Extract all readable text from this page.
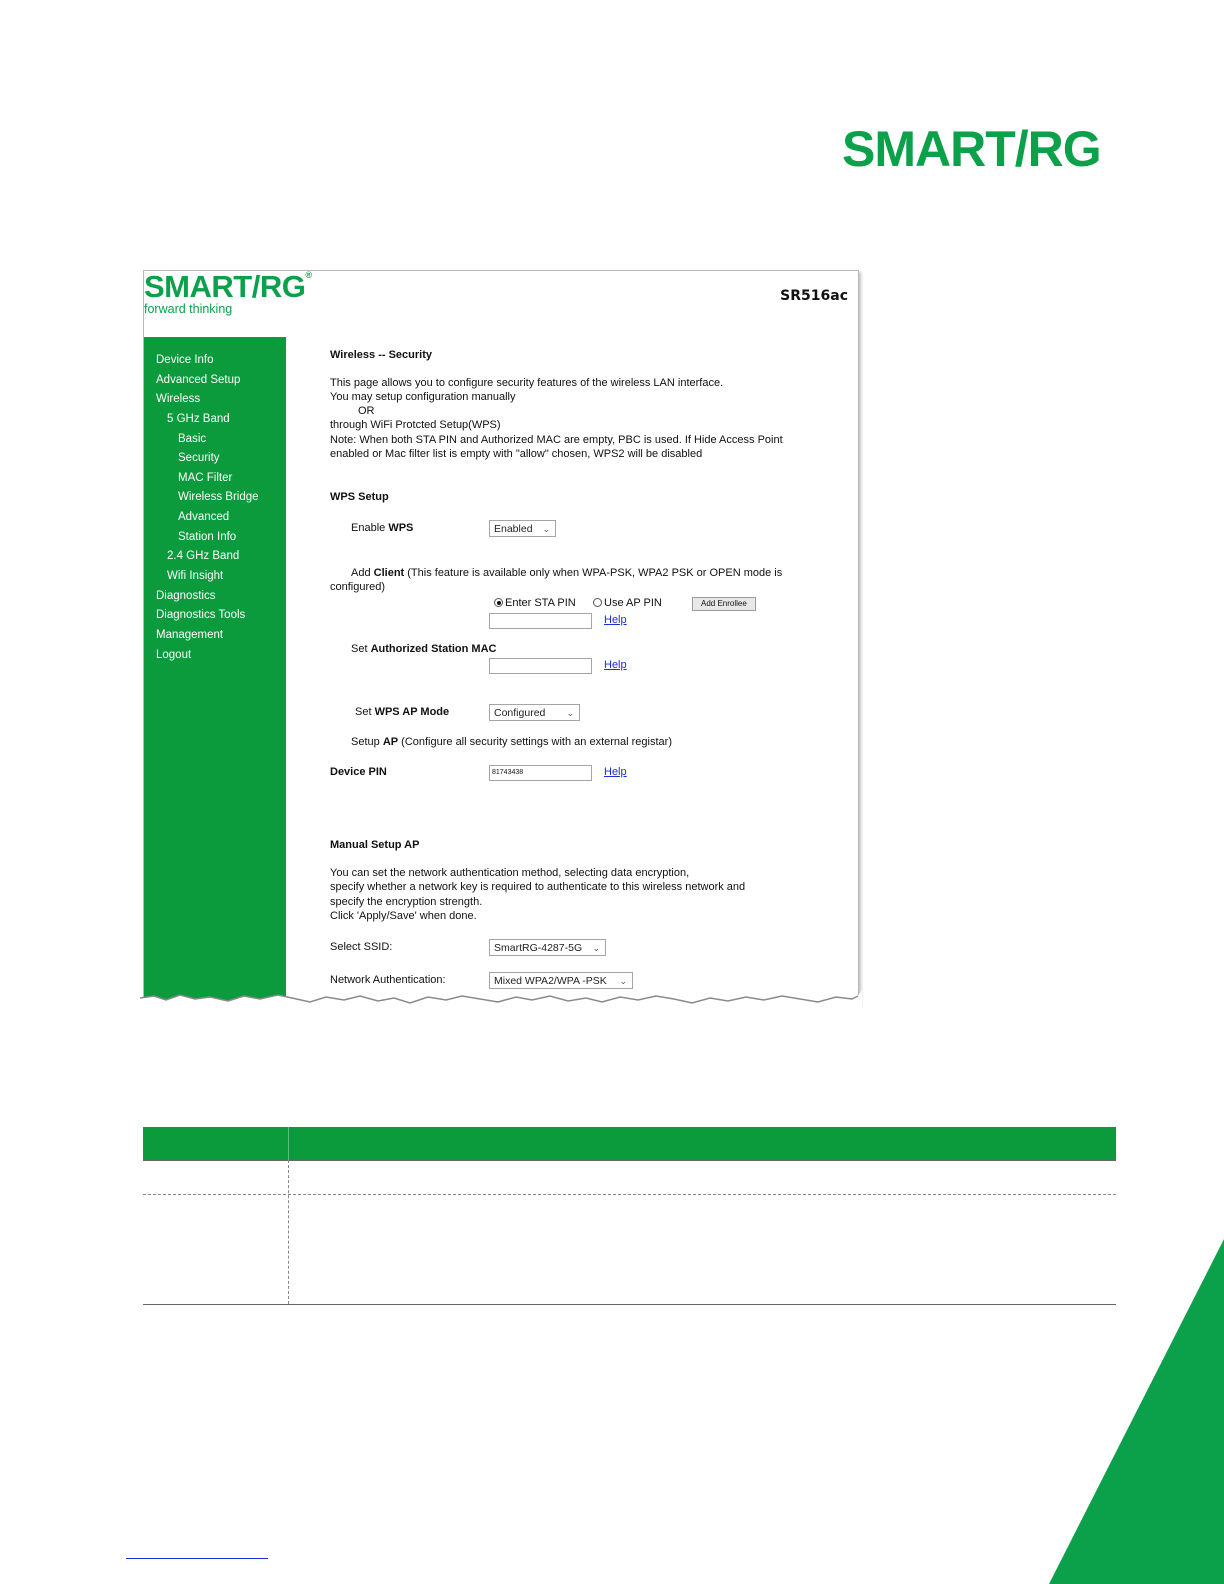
SMART/RG
SMART/RG®
forward thinking
SR516ac
Device Info
Advanced Setup
Wireless
5 GHz Band
Basic
Security
MAC Filter
Wireless Bridge
Advanced
Station Info
2.4 GHz Band
Wifi Insight
Diagnostics
Diagnostics Tools
Management
Logout
Wireless -- Security
This page allows you to configure security features of the wireless LAN interface.
You may setup configuration manually
OR
through WiFi Protcted Setup(WPS)
Note: When both STA PIN and Authorized MAC are empty, PBC is used. If Hide Access Point
enabled or Mac filter list is empty with "allow" chosen, WPS2 will be disabled
WPS Setup
Enable WPS	Enabled ⌄
Add Client (This feature is available only when WPA-PSK, WPA2 PSK or OPEN mode is
configured)
Enter STA PIN	Use AP PIN	Add Enrollee
Help
Set Authorized Station MAC
Help
Set WPS AP Mode	Configured ⌄
Setup AP (Configure all security settings with an external registar)
Device PIN	81743438	Help
Manual Setup AP
You can set the network authentication method, selecting data encryption,
specify whether a network key is required to authenticate to this wireless network and
specify the encryption strength.
Click 'Apply/Save' when done.
Select SSID:	SmartRG-4287-5G ⌄
Network Authentication:	Mixed WPA2/WPA -PSK ⌄
